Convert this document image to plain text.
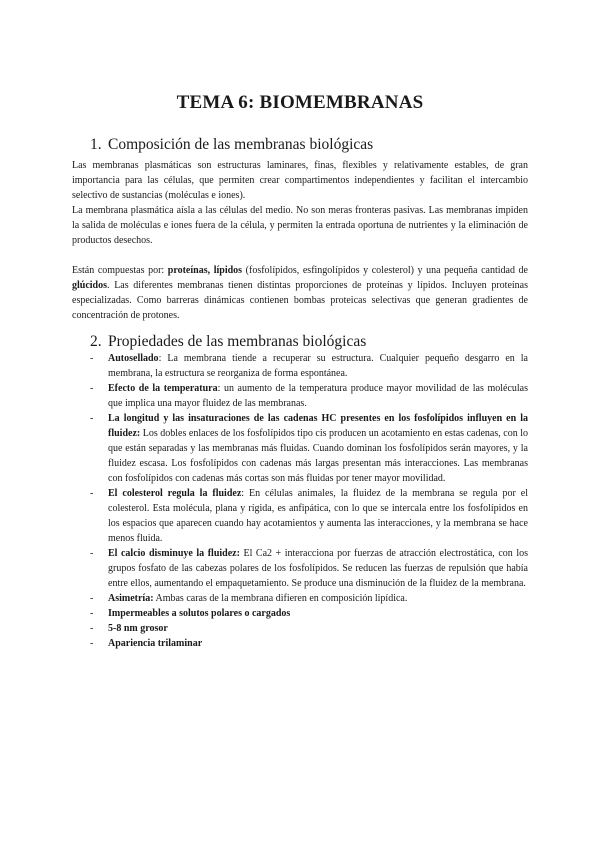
TEMA 6: BIOMEMBRANAS
1. Composición de las membranas biológicas

Las membranas plasmáticas son estructuras laminares, finas, flexibles y relativamente estables, de gran importancia para las células, que permiten crear compartimentos independientes y facilitan el intercambio selectivo de sustancias (moléculas e iones).

La membrana plasmática aísla a las células del medio. No son meras fronteras pasivas. Las membranas impiden la salida de moléculas e iones fuera de la célula, y permiten la entrada oportuna de nutrientes y la eliminación de productos desechos.

Están compuestas por: proteínas, lípidos (fosfolípidos, esfingolípidos y colesterol) y una pequeña cantidad de glúcidos. Las diferentes membranas tienen distintas proporciones de proteínas y lípidos. Incluyen proteínas especializadas. Como barreras dinámicas contienen bombas proteicas selectivas que generan gradientes de concentración de protones.

2. Propiedades de las membranas biológicas
- Autosellado: La membrana tiende a recuperar su estructura. Cualquier pequeño desgarro en la membrana, la estructura se reorganiza de forma espontánea.
- Efecto de la temperatura: un aumento de la temperatura produce mayor movilidad de las moléculas que implica una mayor fluidez de las membranas.
- La longitud y las insaturaciones de las cadenas HC presentes en los fosfolípidos influyen en la fluidez: Los dobles enlaces de los fosfolípidos tipo cis producen un acotamiento en estas cadenas, con lo que están separadas y las membranas más fluidas. Cuando dominan los fosfolípidos serán mayores, y la fluidez escasa. Los fosfolípidos con cadenas más largas presentan más interacciones. Las membranas con fosfolípidos con cadenas más cortas son más fluidas por tener mayor movilidad.
- El colesterol regula la fluidez: En células animales, la fluidez de la membrana se regula por el colesterol. Esta molécula, plana y rígida, es anfipática, con lo que se intercala entre los fosfolípidos en los espacios que aparecen cuando hay acotamientos y aumenta las interacciones, y la membrana se hace menos fluida.
- El calcio disminuye la fluidez: El Ca2 + interacciona por fuerzas de atracción electrostática, con los grupos fosfato de las cabezas polares de los fosfolípidos. Se reducen las fuerzas de repulsión que había entre ellos, aumentando el empaquetamiento. Se produce una disminución de la fluidez de la membrana.
- Asimetría: Ambas caras de la membrana difieren en composición lipídica.
- Impermeables a solutos polares o cargados
- 5-8 nm grosor
- Apariencia trilaminar
